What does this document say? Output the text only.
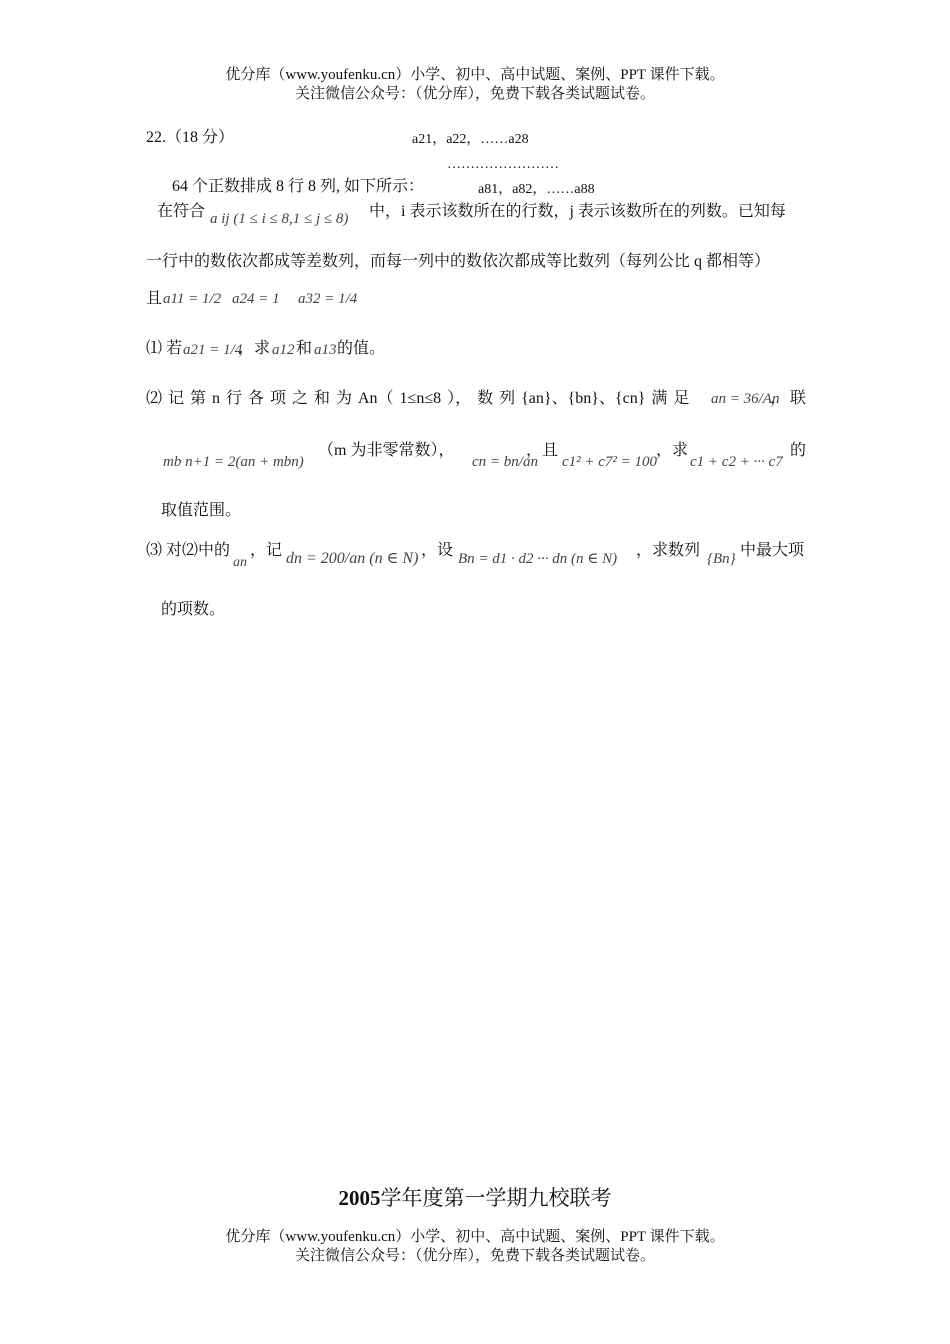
优分库（www.youfenku.cn）小学、初中、高中试题、案例、PPT 课件下载。
关注微信公众号：（优分库），免费下载各类试题试卷。
22.（18 分）	a21，a22，……a28
……………………
64 个正数排成 8 行 8 列, 如下所示：	a81，a82，……a88
在符合 a ij (1 ≤ i ≤ 8,1 ≤ j ≤ 8) 中，i 表示该数所在的行数，j 表示该数所在的列数。已知每
一行中的数依次都成等差数列，而每一列中的数依次都成等比数列（每列公比 q 都相等）
且 a11 = 1/2 a24 = 1 a32 = 1/4
⑴ 若 a21 = 1/4
，求 a12 和 a13 的值。
⑵ 记 第 n 行 各 项 之 和 为 An（ 1≤n≤8 ）， 数 列 {an}、{bn}、{cn} 满 足 an = 36/An
， 联
mb n+1 = 2(an + mbn)
（m 为非零常数），
cn = bn/an
，且
c1² + c7² = 100
，求
c1 + c2 + ··· c7
的
取值范围。
⑶ 对⑵中的
an
，记 dn = 200/an (n ∈ N) ，设 Bn = d1 · d2 ··· dn (n ∈ N) ，求数列 {Bn} 中最大项
的项数。
2005学年度第一学期九校联考
优分库（www.youfenku.cn）小学、初中、高中试题、案例、PPT 课件下载。
关注微信公众号：（优分库），免费下载各类试题试卷。
